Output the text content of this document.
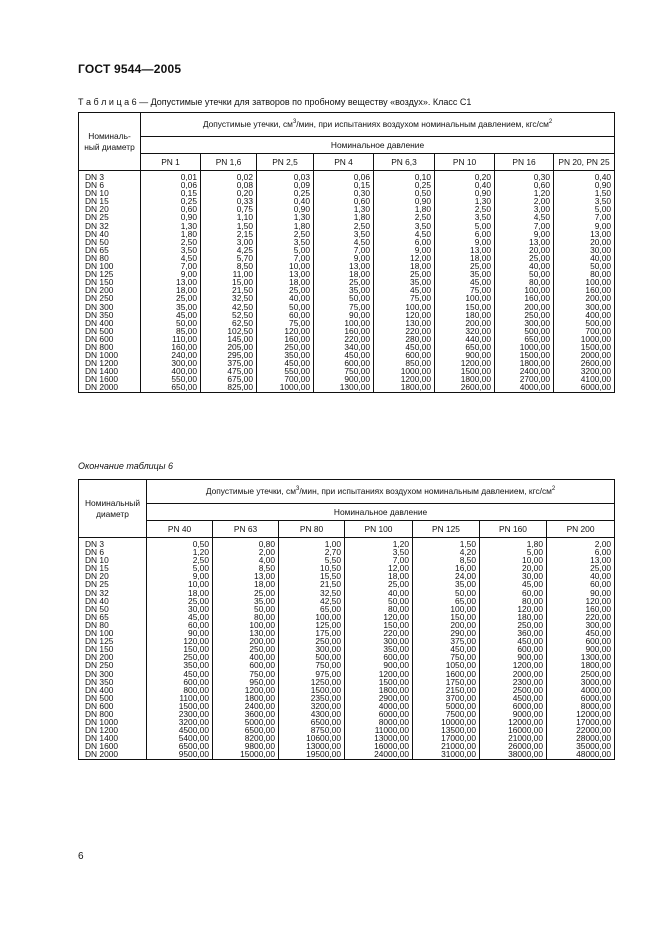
ГОСТ 9544—2005
Т а б л и ц а 6 — Допустимые утечки для затворов по пробному веществу «воздух». Класс С1
Номиналь-
ный диаметр	Допустимые утечки, $см^3$/мин, при испытаниях воздухом номинальным давлением, кгс/$см^2$
	Номинальное давление							
	PN 1	PN 1,6	PN 2,5	PN 4	PN 6,3	PN 10	PN 16	PN 20, PN 25
DN 3	0,01	0,02	0,03	0,06	0,10	0,20	0,30	0,40
DN 6	0,06	0,08	0,09	0,15	0,25	0,40	0,60	0,90
DN 10	0,15	0,20	0,25	0,30	0,50	0,90	1,20	1,50
DN 15	0,25	0,33	0,40	0,60	0,90	1,30	2,00	3,50
DN 20	0,60	0,75	0,90	1,30	1,80	2,50	3,00	5,00
DN 25	0,90	1,10	1,30	1,80	2,50	3,50	4,50	7,00
DN 32	1,30	1,50	1,80	2,50	3,50	5,00	7,00	9,00
DN 40	1,80	2,15	2,50	3,50	4,50	6,00	9,00	13,00
DN 50	2,50	3,00	3,50	4,50	6,00	9,00	13,00	20,00
DN 65	3,50	4,25	5,00	7,00	9,00	13,00	20,00	30,00
DN 80	4,50	5,70	7,00	9,00	12,00	18,00	25,00	40,00
DN 100	7,00	8,50	10,00	13,00	18,00	25,00	40,00	50,00
DN 125	9,00	11,00	13,00	18,00	25,00	35,00	50,00	80,00
DN 150	13,00	15,00	18,00	25,00	35,00	45,00	80,00	100,00
DN 200	18,00	21,50	25,00	35,00	45,00	75,00	100,00	160,00
DN 250	25,00	32,50	40,00	50,00	75,00	100,00	160,00	200,00
DN 300	35,00	42,50	50,00	75,00	100,00	150,00	200,00	300,00
DN 350	45,00	52,50	60,00	90,00	120,00	180,00	250,00	400,00
DN 400	50,00	62,50	75,00	100,00	130,00	200,00	300,00	500,00
DN 500	85,00	102,50	120,00	160,00	220,00	320,00	500,00	700,00
DN 600	110,00	145,00	160,00	220,00	280,00	440,00	650,00	1000,00
DN 800	160,00	205,00	250,00	340,00	450,00	650,00	1000,00	1500,00
DN 1000	240,00	295,00	350,00	450,00	600,00	900,00	1500,00	2000,00
DN 1200	300,00	375,00	450,00	600,00	850,00	1200,00	1800,00	2600,00
DN 1400	400,00	475,00	550,00	750,00	1000,00	1500,00	2400,00	3200,00
DN 1600	550,00	675,00	700,00	900,00	1200,00	1800,00	2700,00	4100,00
DN 2000	650,00	825,00	1000,00	1300,00	1800,00	2600,00	4000,00	6000,00
Окончание таблицы 6
Номинальный
диаметр	Допустимые утечки, $см^3$/мин, при испытаниях воздухом номинальным давлением, кгс/$см^2$
	Номинальное давление						
	PN 40	PN 63	PN 80	PN 100	PN 125	PN 160	PN 200
DN 3	0,50	0,80	1,00	1,20	1,50	1,80	2,00
DN 6	1,20	2,00	2,70	3,50	4,20	5,00	6,00
DN 10	2,50	4,00	5,50	7,00	8,50	10,00	13,00
DN 15	5,00	8,50	10,50	12,00	16,00	20,00	25,00
DN 20	9,00	13,00	15,50	18,00	24,00	30,00	40,00
DN 25	10,00	18,00	21,50	25,00	35,00	45,00	60,00
DN 32	18,00	25,00	32,50	40,00	50,00	60,00	90,00
DN 40	25,00	35,00	42,50	50,00	65,00	80,00	120,00
DN 50	30,00	50,00	65,00	80,00	100,00	120,00	160,00
DN 65	45,00	80,00	100,00	120,00	150,00	180,00	220,00
DN 80	60,00	100,00	125,00	150,00	200,00	250,00	300,00
DN 100	90,00	130,00	175,00	220,00	290,00	360,00	450,00
DN 125	120,00	200,00	250,00	300,00	375,00	450,00	600,00
DN 150	150,00	250,00	300,00	350,00	450,00	600,00	900,00
DN 200	250,00	400,00	500,00	600,00	750,00	900,00	1300,00
DN 250	350,00	600,00	750,00	900,00	1050,00	1200,00	1800,00
DN 300	450,00	750,00	975,00	1200,00	1600,00	2000,00	2500,00
DN 350	600,00	950,00	1250,00	1500,00	1750,00	2300,00	3000,00
DN 400	800,00	1200,00	1500,00	1800,00	2150,00	2500,00	4000,00
DN 500	1100,00	1800,00	2350,00	2900,00	3700,00	4500,00	6000,00
DN 600	1500,00	2400,00	3200,00	4000,00	5000,00	6000,00	8000,00
DN 800	2300,00	3600,00	4300,00	6000,00	7500,00	9000,00	12000,00
DN 1000	3200,00	5000,00	6500,00	8000,00	10000,00	12000,00	17000,00
DN 1200	4500,00	6500,00	8750,00	11000,00	13500,00	16000,00	22000,00
DN 1400	5400,00	8200,00	10600,00	13000,00	17000,00	21000,00	28000,00
DN 1600	6500,00	9800,00	13000,00	16000,00	21000,00	26000,00	35000,00
DN 2000	9500,00	15000,00	19500,00	24000,00	31000,00	38000,00	48000,00
6
